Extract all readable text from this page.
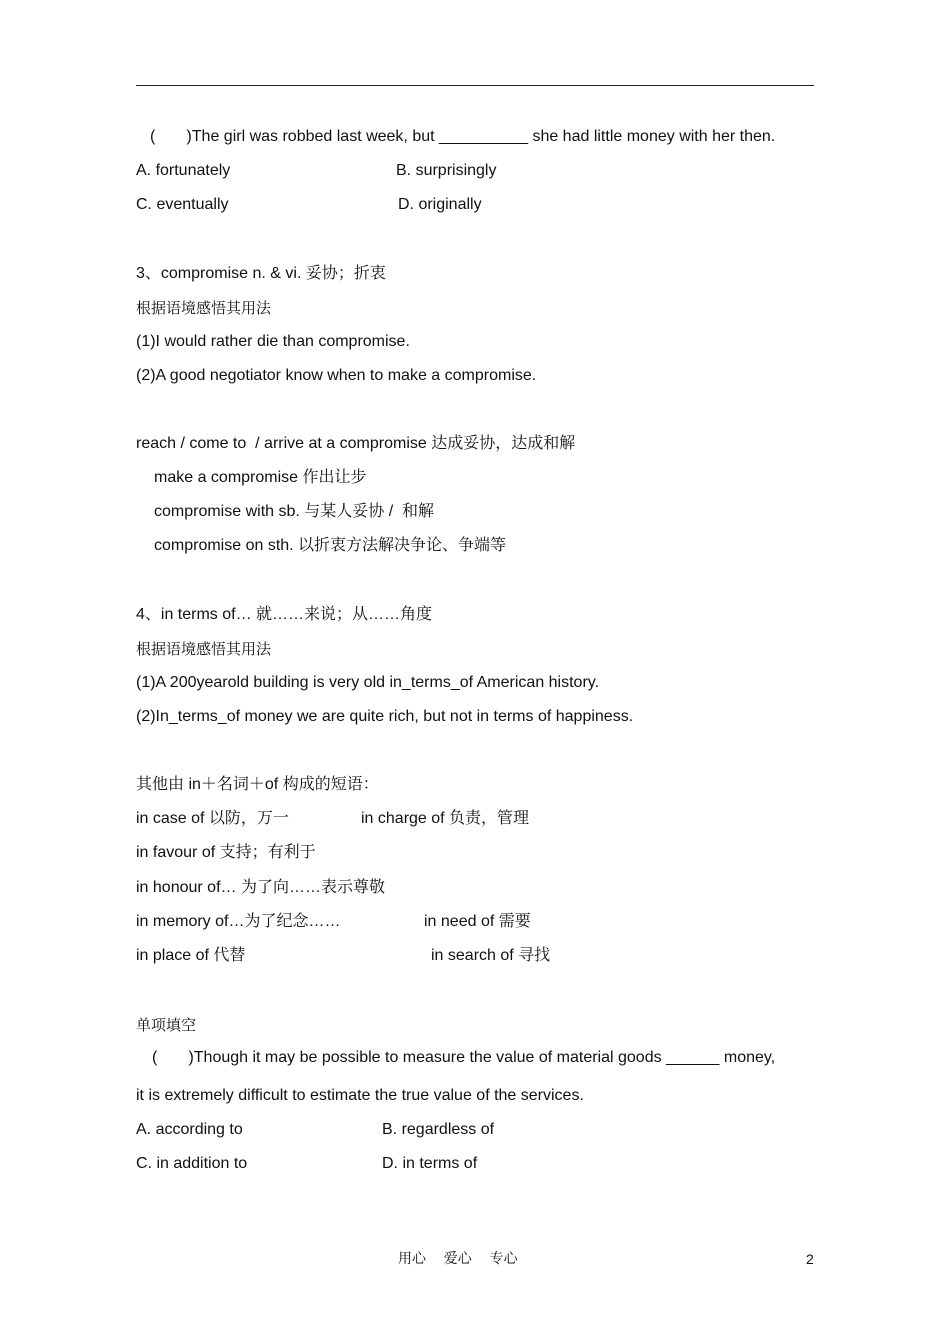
(       )The girl was robbed last week, but __________ she had little money with her then.
A. fortunately	B. surprisingly
C. eventually	D. originally
3、compromise n. & vi. 妥协；折衷
根据语境感悟其用法
(1)I would rather die than compromise.
(2)A good negotiator know when to make a compromise.
reach / come to  / arrive at a compromise 达成妥协，达成和解
make a compromise 作出让步
compromise with sb. 与某人妥协 /  和解
compromise on sth. 以折衷方法解决争论、争端等
4、in terms of… 就……来说；从……角度
根据语境感悟其用法
(1)A 200yearold building is very old in_terms_of American history.
(2)In_terms_of money we are quite rich, but not in terms of happiness.
其他由 in＋名词＋of 构成的短语：
in case of 以防，万一	in charge of 负责，管理
in favour of 支持；有利于
in honour of… 为了向……表示尊敬
in memory of…为了纪念……	in need of 需要
in place of 代替	in search of 寻找
单项填空
(       )Though it may be possible to measure the value of material goods ______ money,
it is extremely difficult to estimate the true value of the services.
A. according to	B. regardless of
C. in addition to	D. in terms of
用心    爱心    专心	2
